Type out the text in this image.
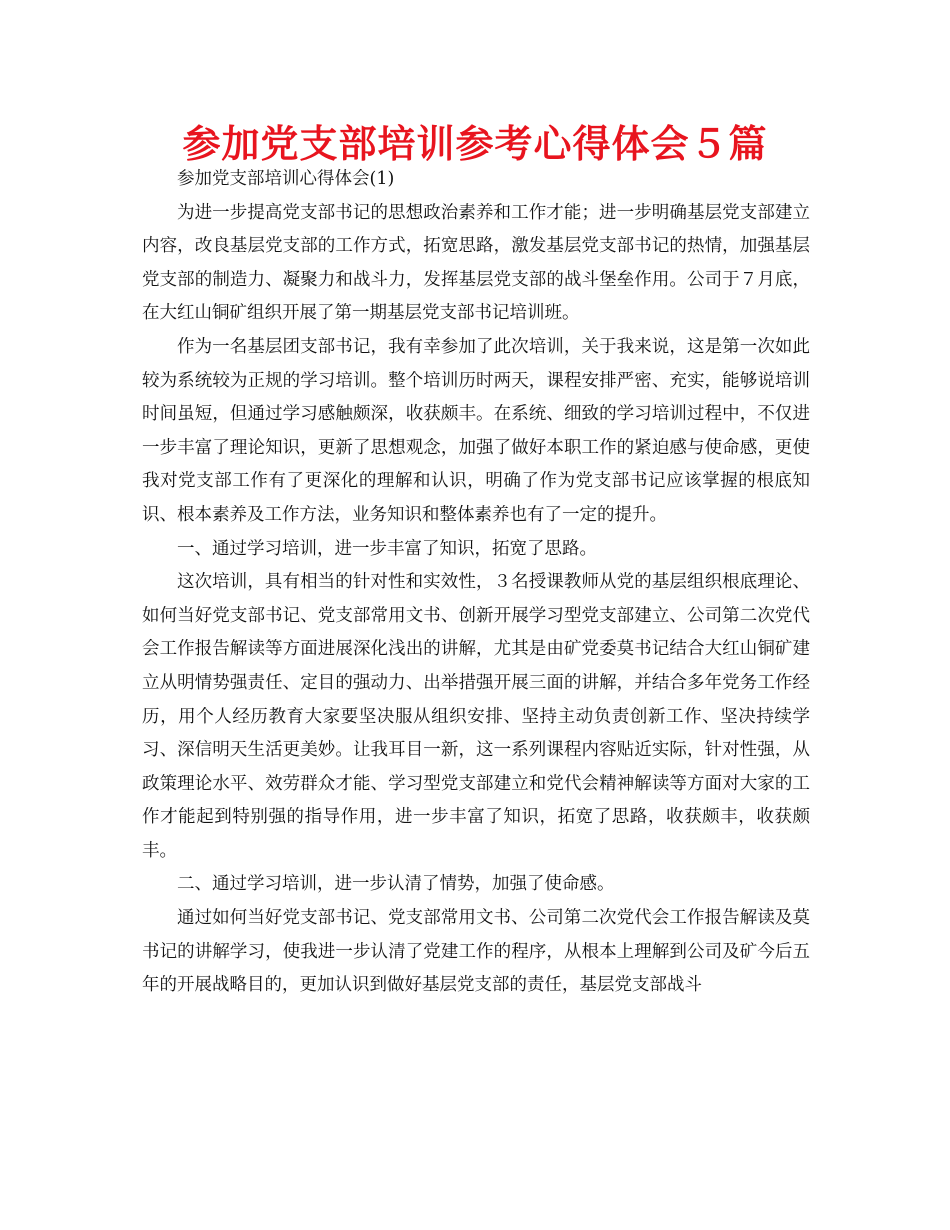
参加党支部培训参考心得体会５篇

参加党支部培训心得体会(1)

为进一步提高党支部书记的思想政治素养和工作才能；进一步明确基层党支部建立内容，改良基层党支部的工作方式，拓宽思路，激发基层党支部书记的热情，加强基层党支部的制造力、凝聚力和战斗力，发挥基层党支部的战斗堡垒作用。公司于７月底，在大红山铜矿组织开展了第一期基层党支部书记培训班。

作为一名基层团支部书记，我有幸参加了此次培训，关于我来说，这是第一次如此较为系统较为正规的学习培训。整个培训历时两天，课程安排严密、充实，能够说培训时间虽短，但通过学习感触颇深，收获颇丰。在系统、细致的学习培训过程中，不仅进一步丰富了理论知识，更新了思想观念，加强了做好本职工作的紧迫感与使命感，更使我对党支部工作有了更深化的理解和认识，明确了作为党支部书记应该掌握的根底知识、根本素养及工作方法，业务知识和整体素养也有了一定的提升。

一、通过学习培训，进一步丰富了知识，拓宽了思路。

这次培训，具有相当的针对性和实效性，３名授课教师从党的基层组织根底理论、如何当好党支部书记、党支部常用文书、创新开展学习型党支部建立、公司第二次党代会工作报告解读等方面进展深化浅出的讲解，尤其是由矿党委莫书记结合大红山铜矿建立从明情势强责任、定目的强动力、出举措强开展三面的讲解，并结合多年党务工作经历，用个人经历教育大家要坚决服从组织安排、坚持主动负责创新工作、坚决持续学习、深信明天生活更美妙。让我耳目一新，这一系列课程内容贴近实际，针对性强，从政策理论水平、效劳群众才能、学习型党支部建立和党代会精神解读等方面对大家的工作才能起到特别强的指导作用，进一步丰富了知识，拓宽了思路，收获颇丰，收获颇丰。

二、通过学习培训，进一步认清了情势，加强了使命感。

通过如何当好党支部书记、党支部常用文书、公司第二次党代会工作报告解读及莫书记的讲解学习，使我进一步认清了党建工作的程序，从根本上理解到公司及矿今后五年的开展战略目的，更加认识到做好基层党支部的责任，基层党支部战斗
